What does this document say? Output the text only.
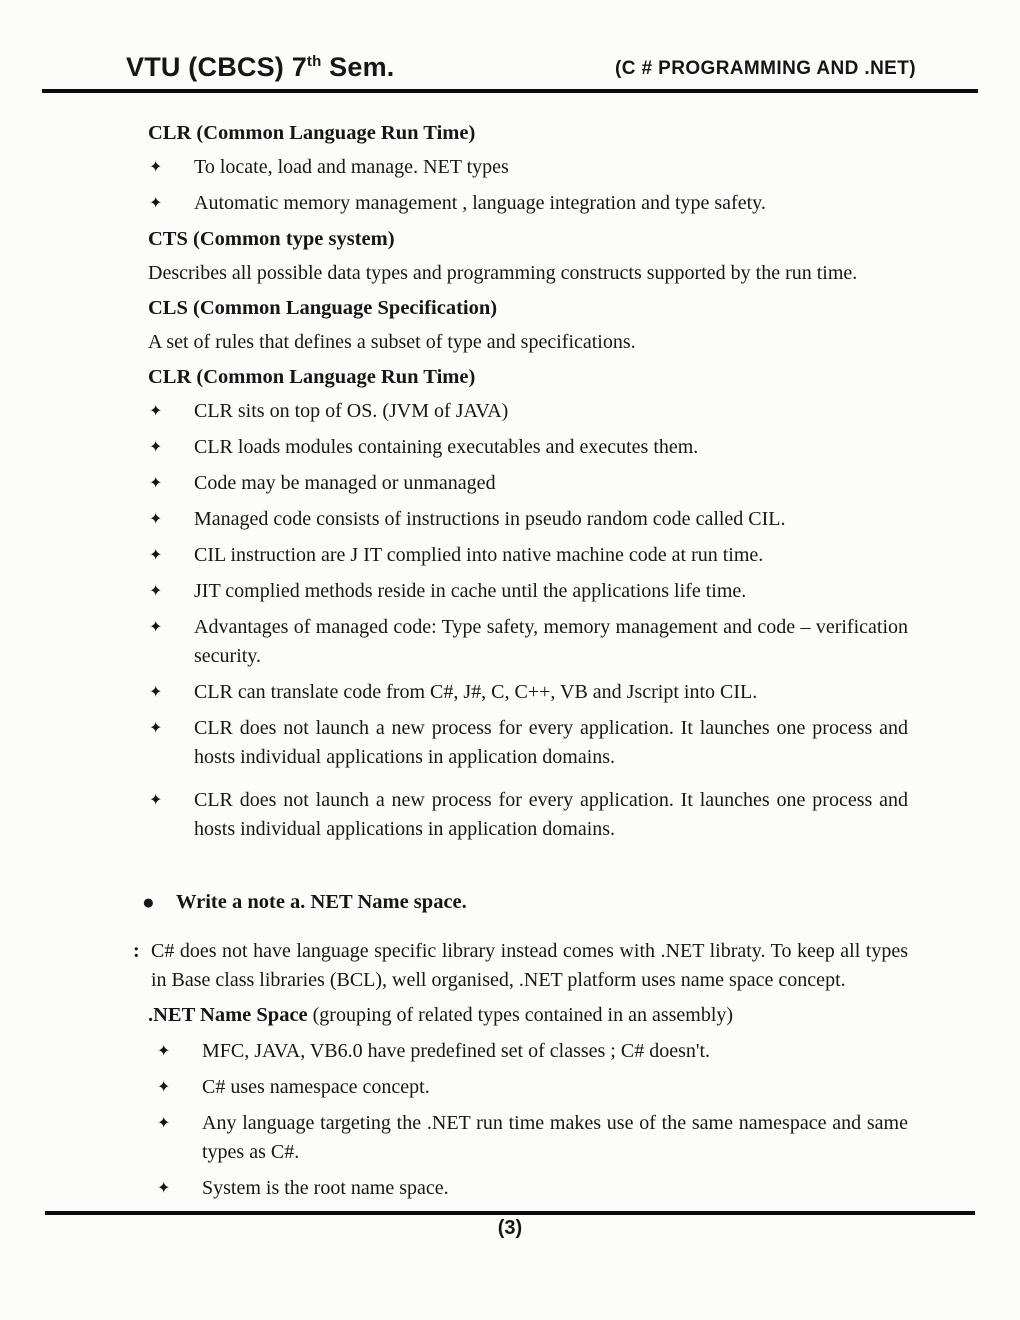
VTU (CBCS) 7th Sem.	(C # PROGRAMMING AND .NET)
CLR (Common Language Run Time)
✦	To locate, load and manage. NET types
✦	Automatic memory management , language integration and type safety.
CTS (Common type system)
Describes all possible data types and programming constructs supported by the run time.
CLS (Common Language Specification)
A set of rules that defines a subset of type and specifications.
CLR (Common Language Run Time)
✦	CLR sits on top of OS. (JVM of JAVA)
✦	CLR loads modules containing executables and executes them.
✦	Code may be managed or unmanaged
✦	Managed code consists of instructions in pseudo random code called CIL.
✦	CIL instruction are J IT complied into native machine code at run time.
✦	JIT complied methods reside in cache until the applications life time.
✦	Advantages of managed code: Type safety, memory management and code – verification security.
✦	CLR can translate code from C#, J#, C, C++, VB and Jscript into CIL.
✦	CLR does not launch a new process for every application. It launches one process and hosts individual applications in application domains.
✦	CLR does not launch a new process for every application. It launches one process and hosts individual applications in application domains.
●	Write a note a. NET Name space.
: C# does not have language specific library instead comes with .NET libraty. To keep all types in Base class libraries (BCL), well organised, .NET platform uses name space concept.
.NET Name Space (grouping of related types contained in an assembly)
✦	MFC, JAVA, VB6.0 have predefined set of classes ; C# doesn't.
✦	C# uses namespace concept.
✦	Any language targeting the .NET run time makes use of the same namespace and same types as C#.
✦	System is the root name space.
(3)
